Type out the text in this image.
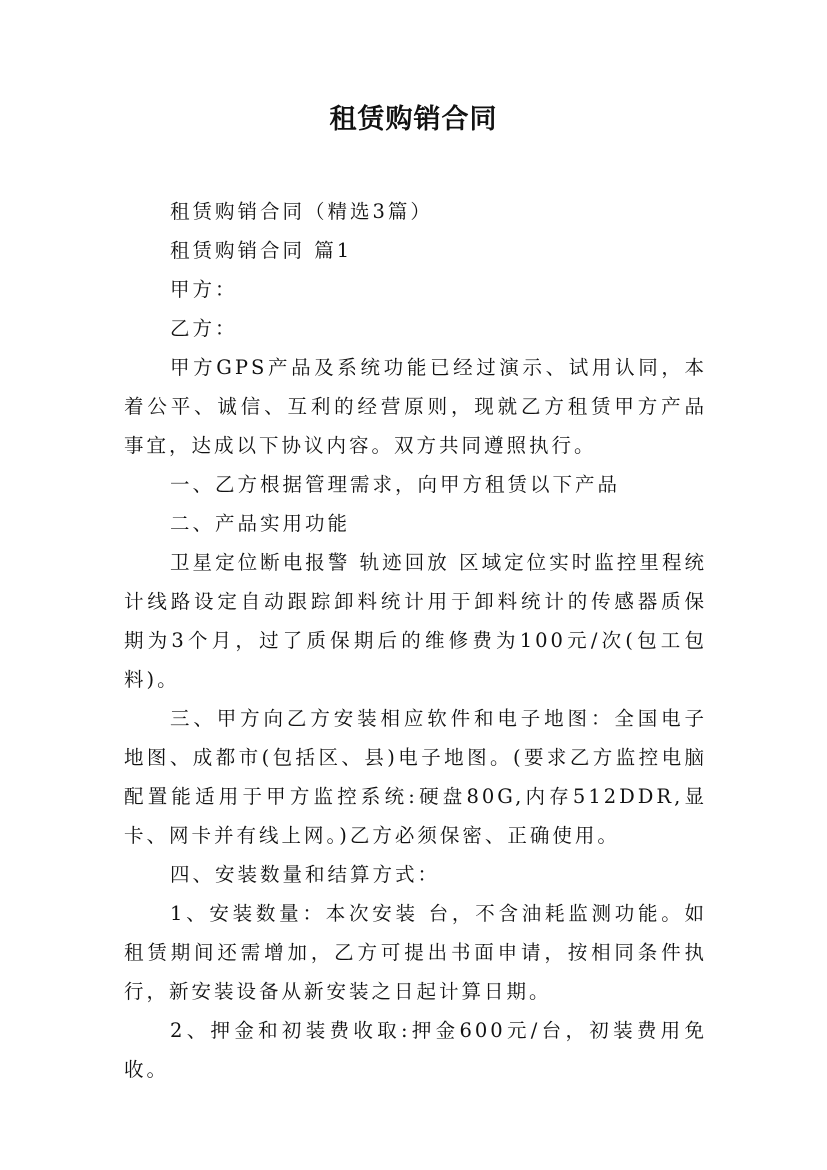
租赁购销合同

租赁购销合同（精选3篇）

租赁购销合同 篇1

甲方：

乙方：

甲方GPS产品及系统功能已经过演示、试用认同，本着公平、诚信、互利的经营原则，现就乙方租赁甲方产品事宜，达成以下协议内容。双方共同遵照执行。

一、乙方根据管理需求，向甲方租赁以下产品

二、产品实用功能

卫星定位断电报警 轨迹回放 区域定位实时监控里程统计线路设定自动跟踪卸料统计用于卸料统计的传感器质保期为3个月，过了质保期后的维修费为100元/次(包工包料)。

三、甲方向乙方安装相应软件和电子地图：全国电子地图、成都市(包括区、县)电子地图。(要求乙方监控电脑配置能适用于甲方监控系统:硬盘80G,内存512DDR,显卡、网卡并有线上网。)乙方必须保密、正确使用。

四、安装数量和结算方式：

1、安装数量：本次安装 台，不含油耗监测功能。如租赁期间还需增加，乙方可提出书面申请，按相同条件执行，新安装设备从新安装之日起计算日期。

2、押金和初装费收取:押金600元/台，初装费用免收。
